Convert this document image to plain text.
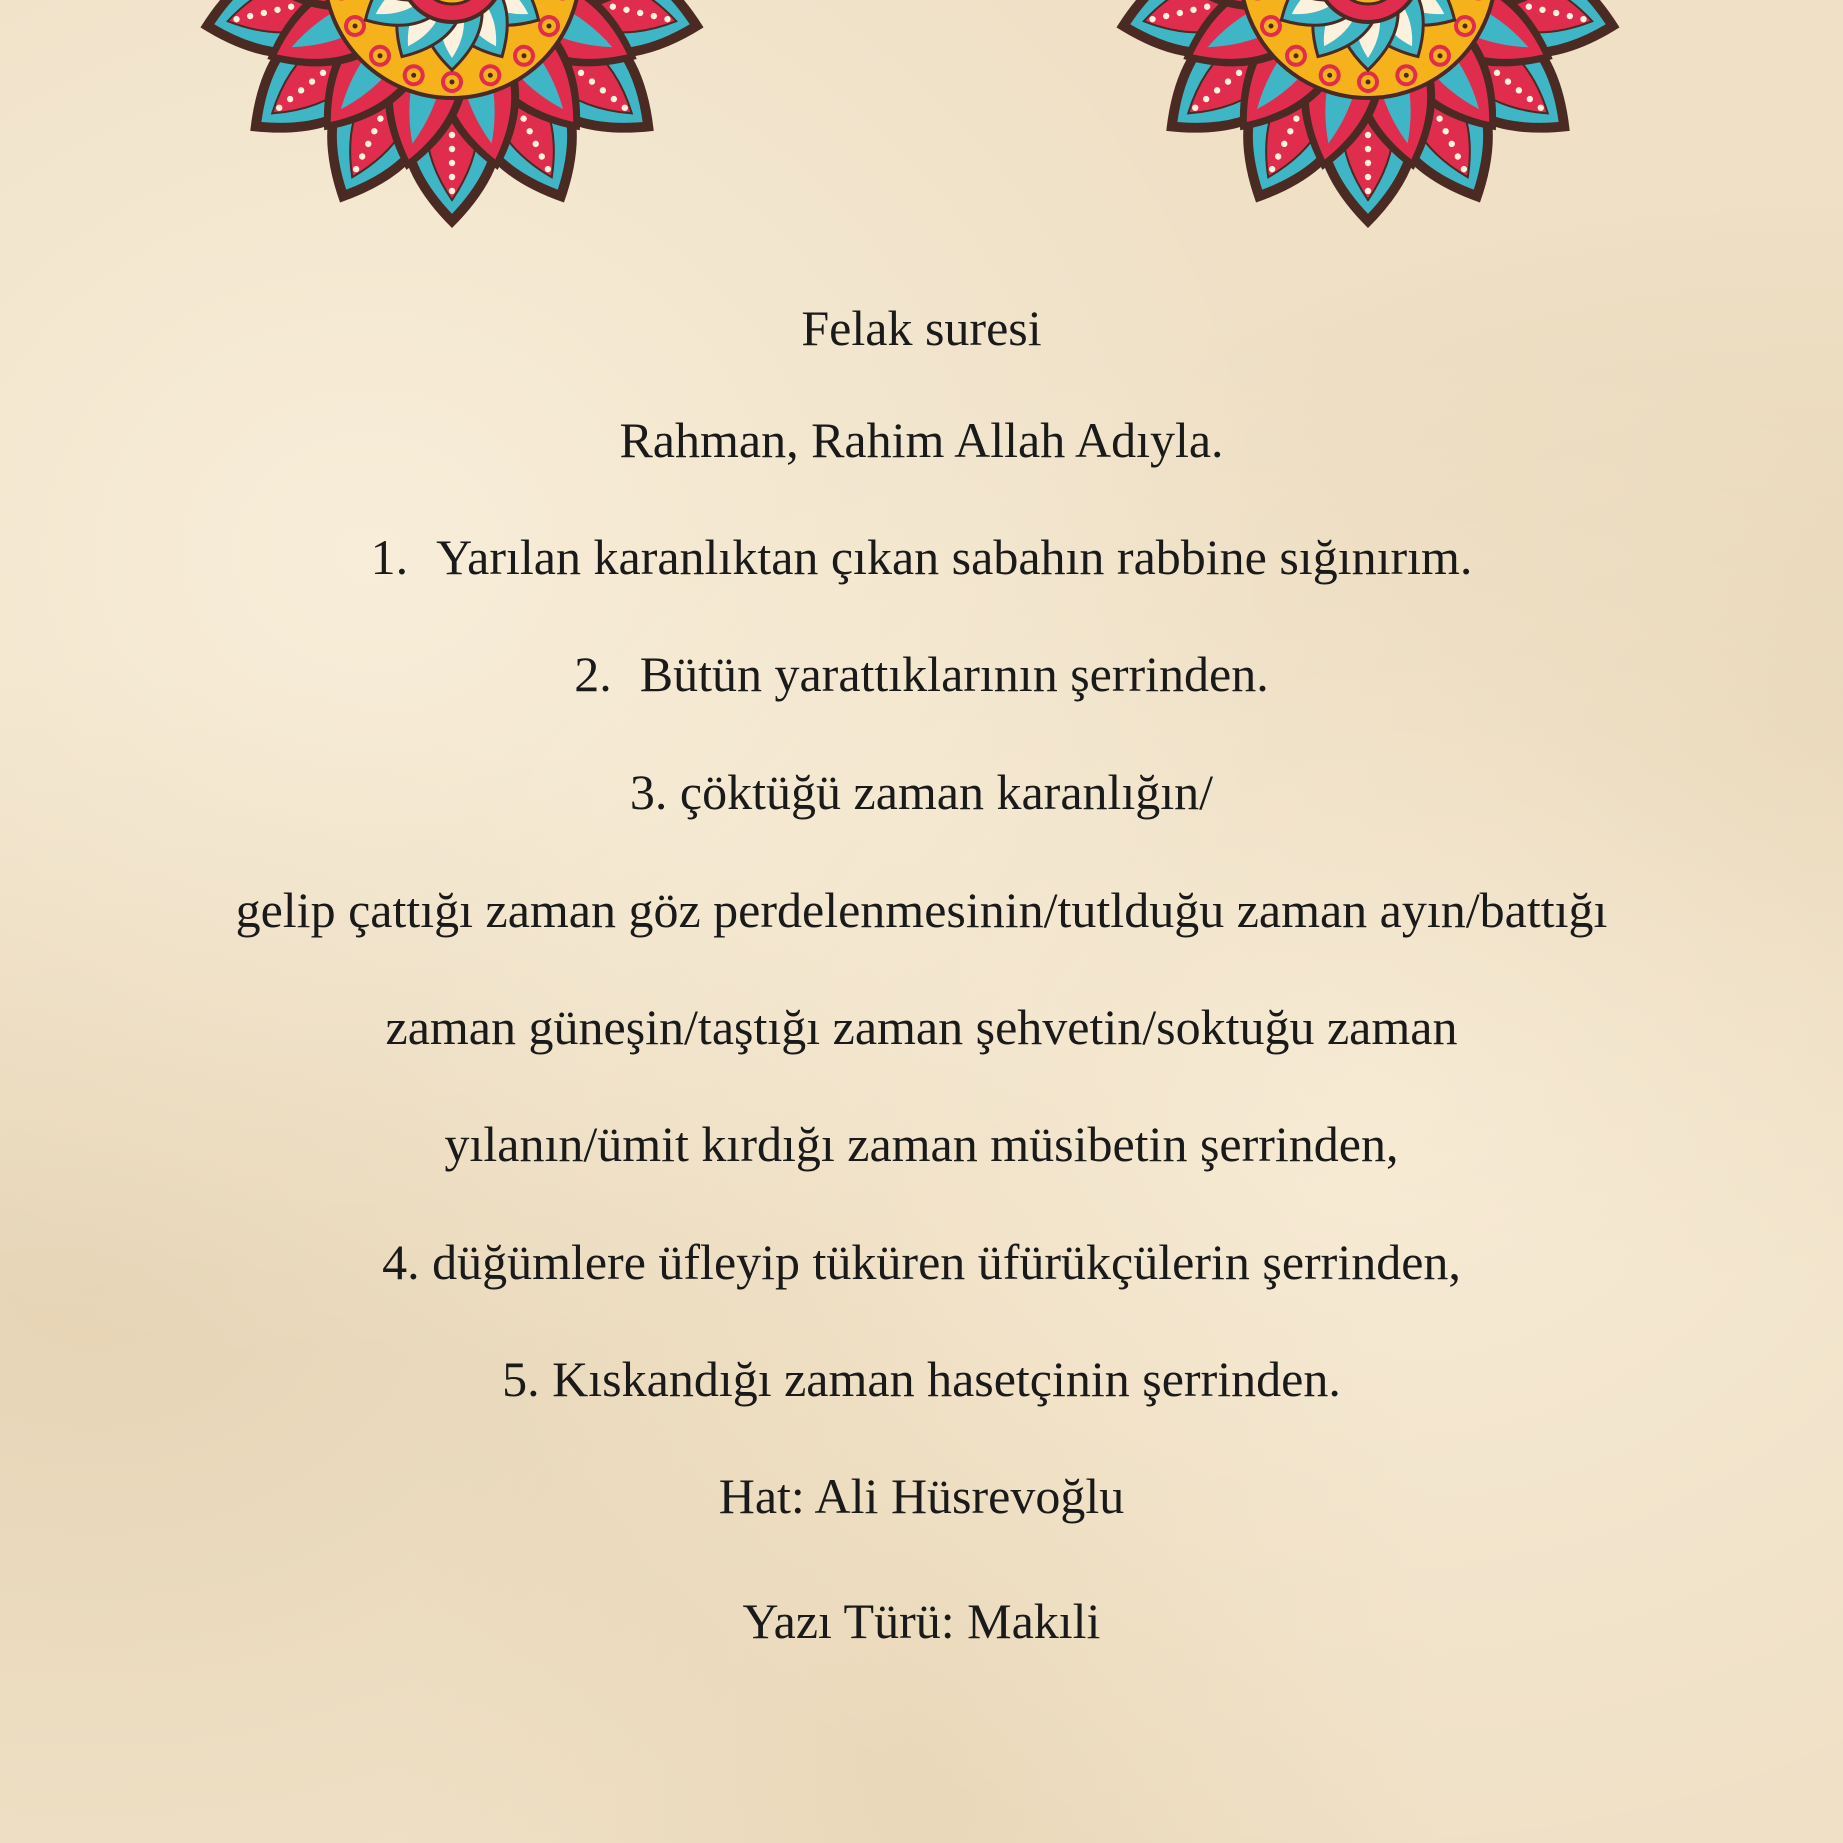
Felak suresi
Rahman, Rahim Allah Adıyla.
1. Yarılan karanlıktan çıkan sabahın rabbine sığınırım.
2. Bütün yarattıklarının şerrinden.
3. çöktüğü zaman karanlığın/
gelip çattığı zaman göz perdelenmesinin/tutlduğu zaman ayın/battığı
zaman güneşin/taştığı zaman şehvetin/soktuğu zaman
yılanın/ümit kırdığı zaman müsibetin şerrinden,
4. düğümlere üfleyip tüküren üfürükçülerin şerrinden,
5. Kıskandığı zaman hasetçinin şerrinden.
Hat: Ali Hüsrevoğlu
Yazı Türü: Makıli
